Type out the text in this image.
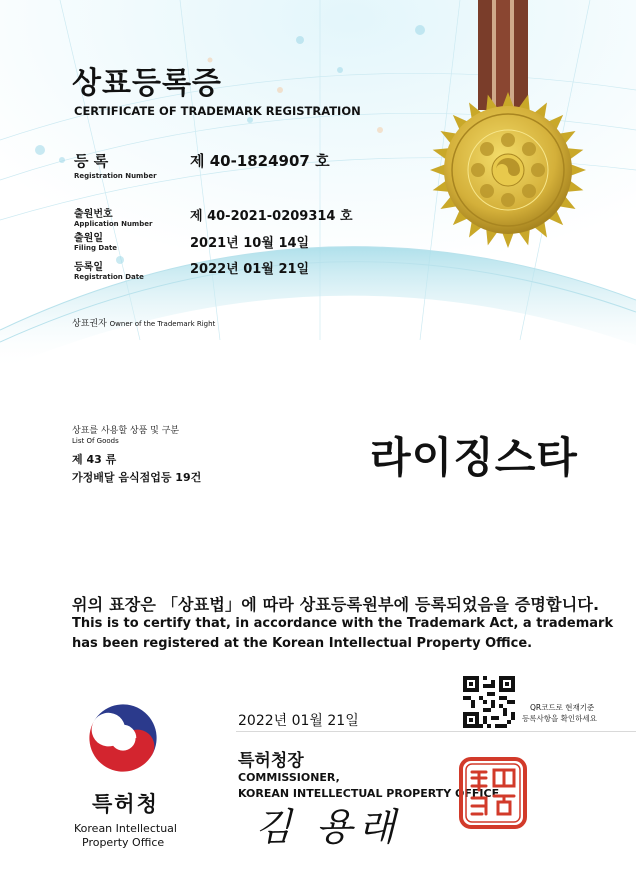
상표등록증
CERTIFICATE OF TRADEMARK REGISTRATION
등 록
Registration Number
제 40-1824907 호
출원번호
Application Number	제 40-2021-0209314 호
출원일
Filing Date	2021년 10월 14일
등록일
Registration Date	2022년 01월 21일
상표권자 Owner of the Trademark Right
상표를 사용할 상품 및 구분
List Of Goods
제 43 류
가정배달 음식점업등 19건	라이징스타
위의 표장은 「상표법」에 따라 상표등록원부에 등록되었음을 증명합니다.
This is to certify that, in accordance with the Trademark Act, a trademark
has been registered at the Korean Intellectual Property Office.
2022년 01월 21일
QR코드로 현재기준
등록사항을 확인하세요
특허청장
COMMISSIONER,
KOREAN INTELLECTUAL PROPERTY OFFICE
김 용래
특허청
Korean Intellectual
Property Office
